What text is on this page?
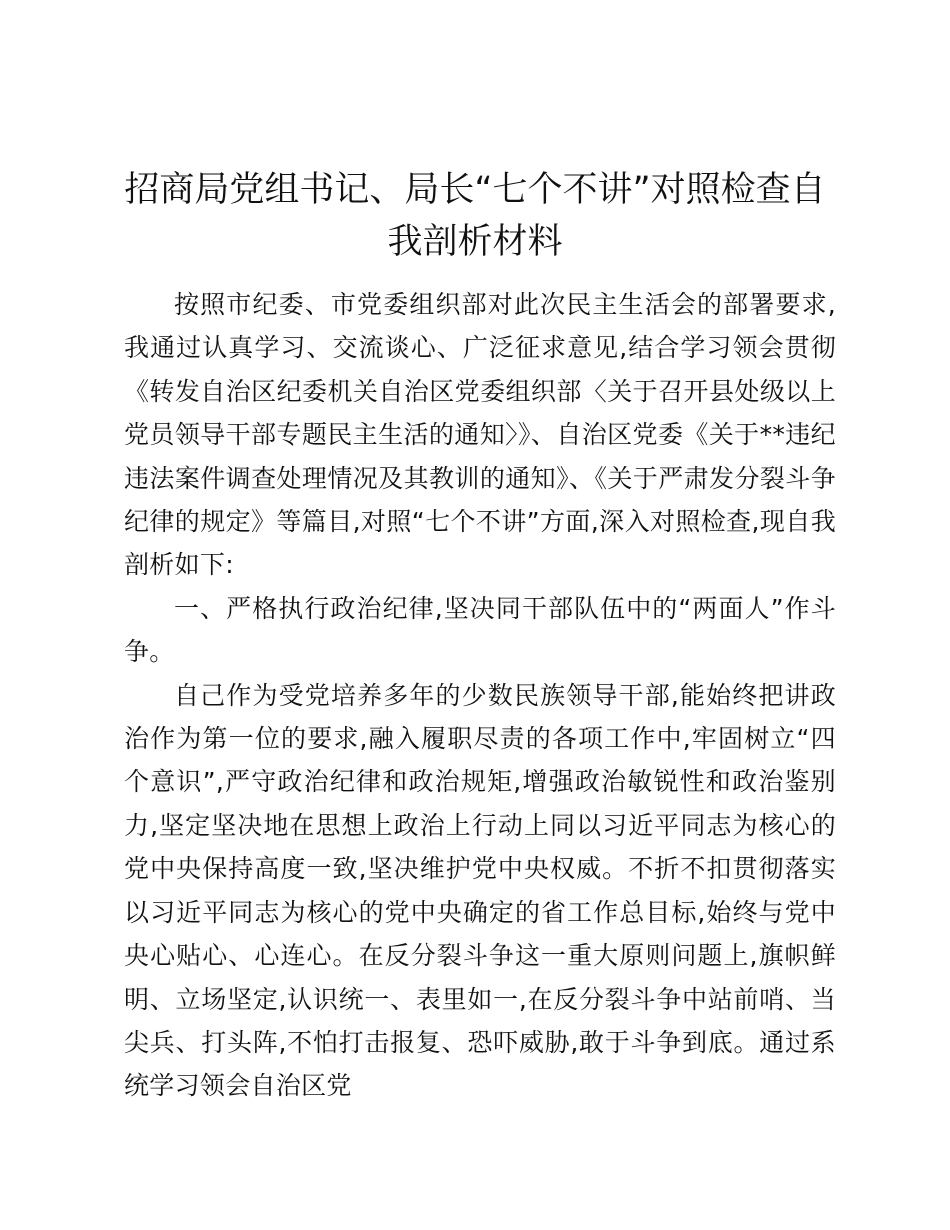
招商局党组书记、局长“七个不讲”对照检查自我剖析材料

按照市纪委、市党委组织部对此次民主生活会的部署要求,我通过认真学习、交流谈心、广泛征求意见,结合学习领会贯彻《转发自治区纪委机关自治区党委组织部〈关于召开县处级以上党员领导干部专题民主生活的通知〉》、自治区党委《关于**违纪违法案件调查处理情况及其教训的通知》、《关于严肃发分裂斗争纪律的规定》等篇目,对照“七个不讲”方面,深入对照检查,现自我剖析如下:

一、严格执行政治纪律,坚决同干部队伍中的“两面人”作斗争。

自己作为受党培养多年的少数民族领导干部,能始终把讲政治作为第一位的要求,融入履职尽责的各项工作中,牢固树立“四个意识”,严守政治纪律和政治规矩,增强政治敏锐性和政治鉴别力,坚定坚决地在思想上政治上行动上同以习近平同志为核心的党中央保持高度一致,坚决维护党中央权威。不折不扣贯彻落实以习近平同志为核心的党中央确定的省工作总目标,始终与党中央心贴心、心连心。在反分裂斗争这一重大原则问题上,旗帜鲜明、立场坚定,认识统一、表里如一,在反分裂斗争中站前哨、当尖兵、打头阵,不怕打击报复、恐吓威胁,敢于斗争到底。通过系统学习领会自治区党
